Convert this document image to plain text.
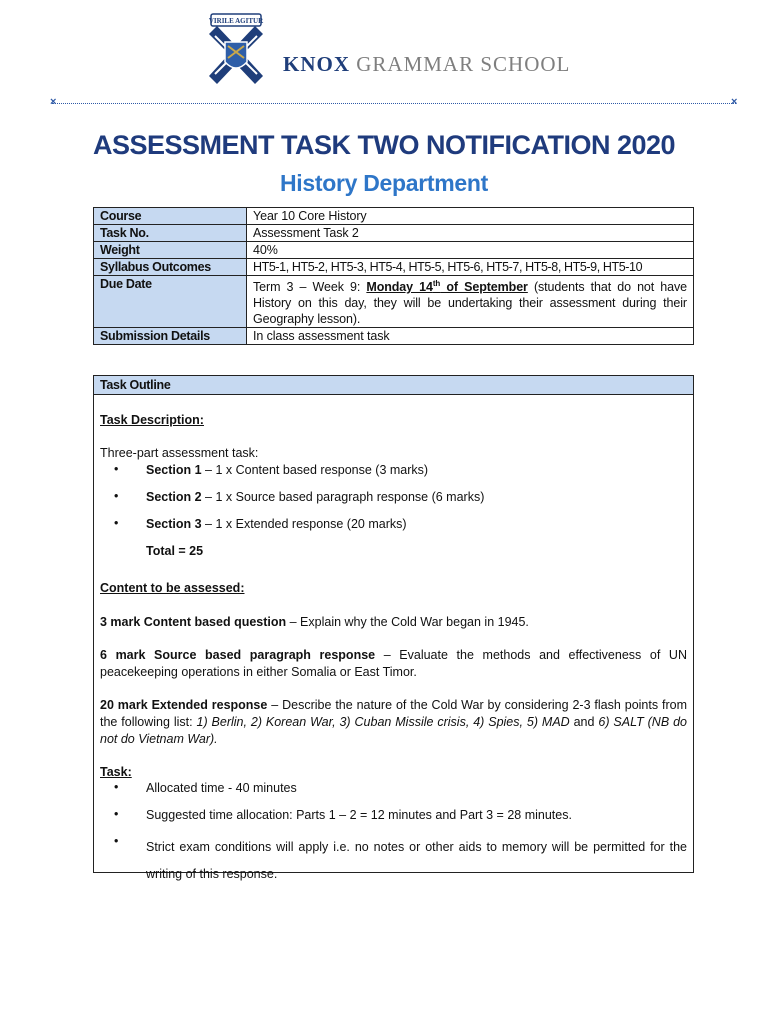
VIRILE AGITUR
KNOX GRAMMAR SCHOOL
×	×
ASSESSMENT TASK TWO NOTIFICATION 2020
History Department
Course	Year 10 Core History
Task No.	Assessment Task 2
Weight	40%
Syllabus Outcomes	HT5-1, HT5-2, HT5-3, HT5-4, HT5-5, HT5-6, HT5-7, HT5-8, HT5-9, HT5-10
Due Date	Term 3 – Week 9: Monday 14th of September (students that do not have History on this day, they will be undertaking their assessment during their Geography lesson).
Submission Details	In class assessment task
Task Outline
Task Description:
Three-part assessment task:
• Section 1 – 1 x Content based response (3 marks)
• Section 2 – 1 x Source based paragraph response (6 marks)
• Section 3 – 1 x Extended response (20 marks)
Total = 25
Content to be assessed:
3 mark Content based question – Explain why the Cold War began in 1945.
6 mark Source based paragraph response – Evaluate the methods and effectiveness of UN peacekeeping operations in either Somalia or East Timor.
20 mark Extended response – Describe the nature of the Cold War by considering 2-3 flash points from the following list: 1) Berlin, 2) Korean War, 3) Cuban Missile crisis, 4) Spies, 5) MAD and 6) SALT (NB do not do Vietnam War).
Task:
• Allocated time - 40 minutes
• Suggested time allocation: Parts 1 – 2 = 12 minutes and Part 3 = 28 minutes.
• Strict exam conditions will apply i.e. no notes or other aids to memory will be permitted for the writing of this response.
